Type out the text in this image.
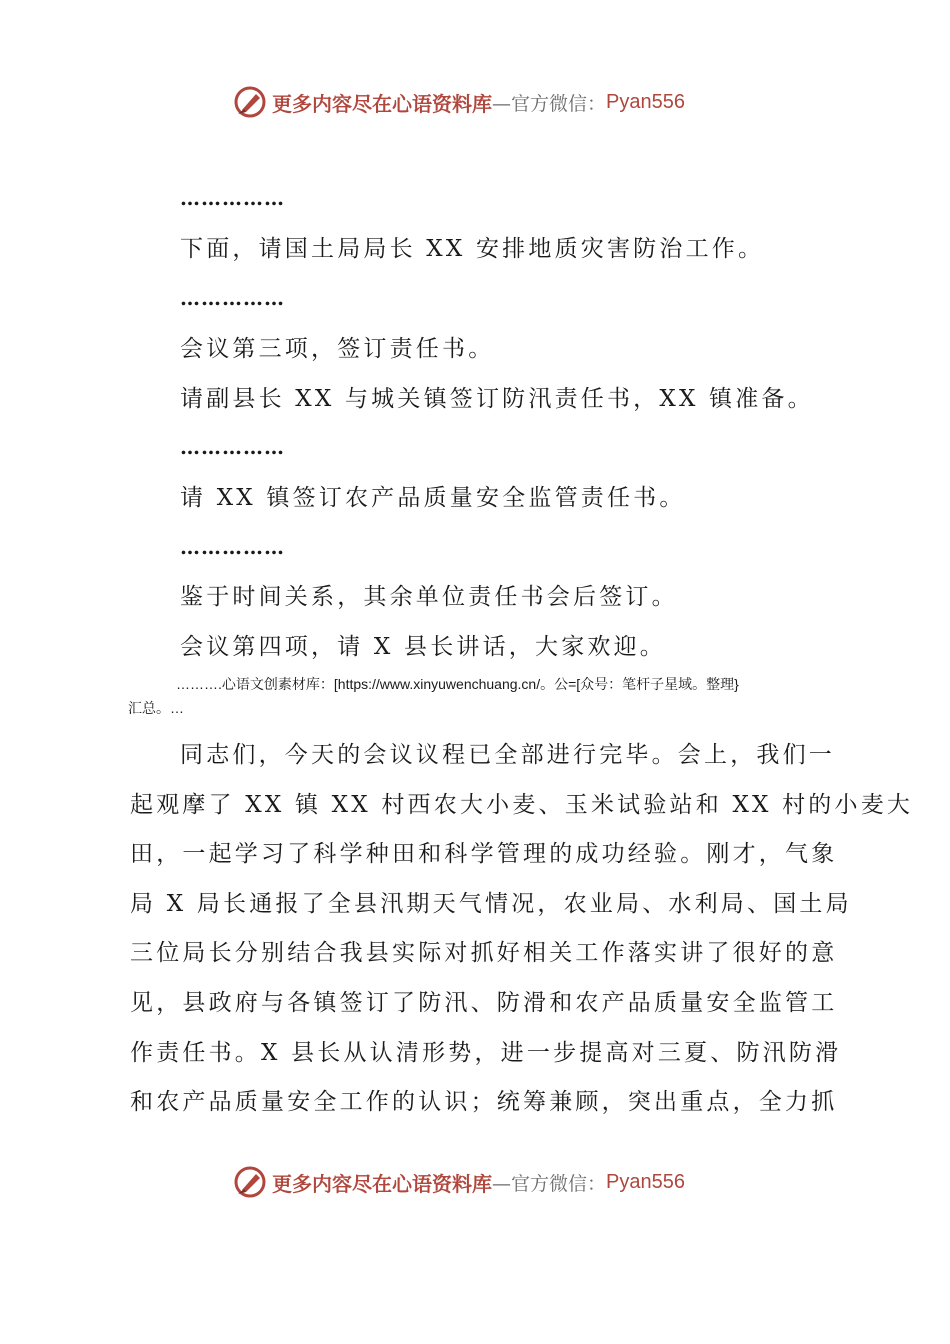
更多内容尽在心语资料库 —官方微信： Pyan556
……………
下面，请国土局局长 XX 安排地质灾害防治工作。
……………
会议第三项，签订责任书。
请副县长 XX 与城关镇签订防汛责任书，XX 镇准备。
……………
请 XX 镇签订农产品质量安全监管责任书。
……………
鉴于时间关系，其余单位责任书会后签订。
会议第四项，请 X 县长讲话，大家欢迎。
……….心语文创素材库：[https://www.xinyuwenchuang.cn/。公=[众号：笔杆子星域。整理}
汇总。…
同志们，今天的会议议程已全部进行完毕。会上，我们一
起观摩了 XX 镇 XX 村西农大小麦、玉米试验站和 XX 村的小麦大
田，一起学习了科学种田和科学管理的成功经验。刚才，气象
局 X 局长通报了全县汛期天气情况，农业局、水利局、国土局
三位局长分别结合我县实际对抓好相关工作落实讲了很好的意
见，县政府与各镇签订了防汛、防滑和农产品质量安全监管工
作责任书。X 县长从认清形势，进一步提高对三夏、防汛防滑
和农产品质量安全工作的认识；统筹兼顾，突出重点，全力抓
更多内容尽在心语资料库 —官方微信： Pyan556
